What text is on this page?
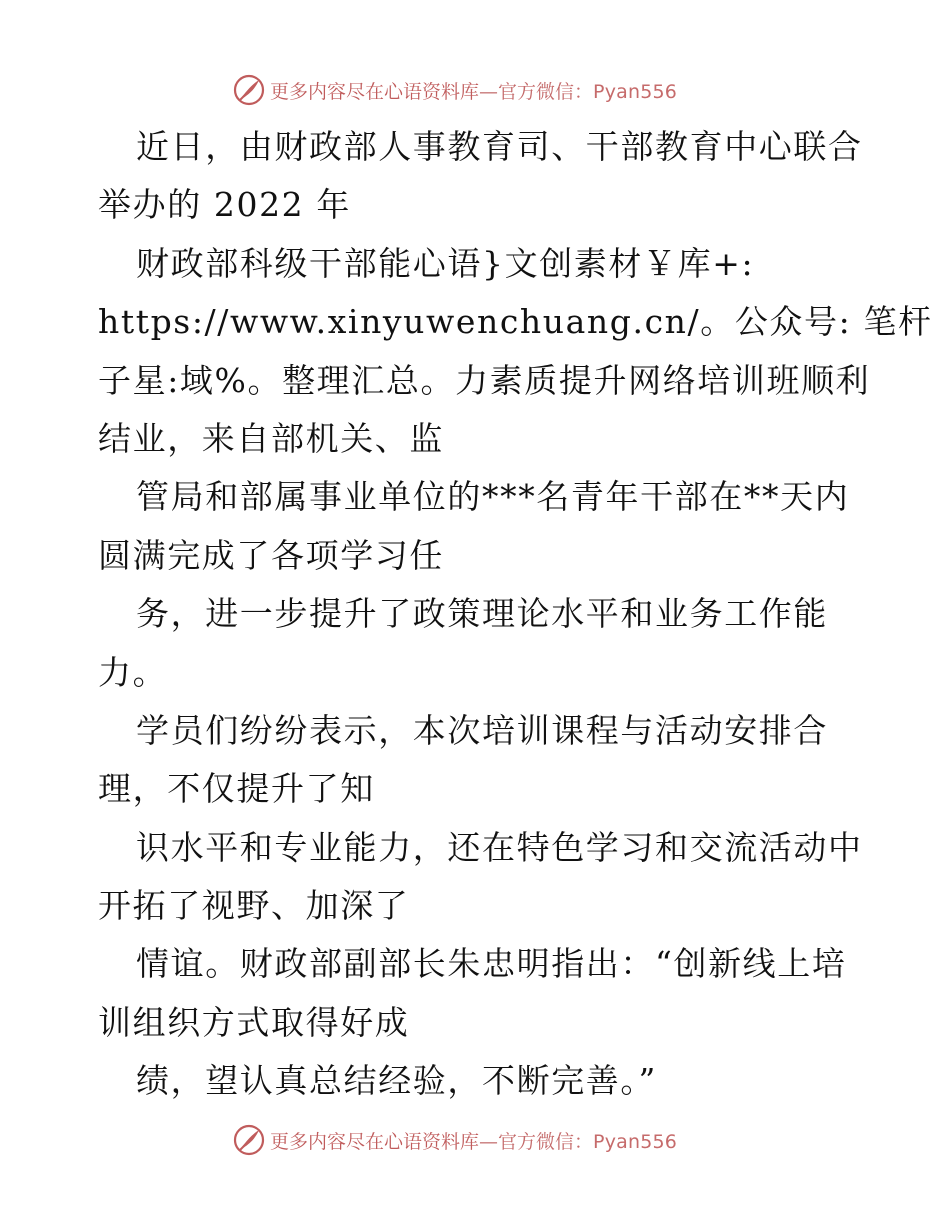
更多内容尽在心语资料库—官方微信：Pyan556
近日，由财政部人事教育司、干部教育中心联合
举办的 2022 年
财政部科级干部能心语}文创素材￥库+:
https://www.xinyuwenchuang.cn/。公众号: 笔杆
子星:域%。整理汇总。力素质提升网络培训班顺利
结业，来自部机关、监
管局和部属事业单位的***名青年干部在**天内
圆满完成了各项学习任
务，进一步提升了政策理论水平和业务工作能
力。
学员们纷纷表示，本次培训课程与活动安排合
理，不仅提升了知
识水平和专业能力，还在特色学习和交流活动中
开拓了视野、加深了
情谊。财政部副部长朱忠明指出：“创新线上培
训组织方式取得好成
绩，望认真总结经验，不断完善。”
更多内容尽在心语资料库—官方微信：Pyan556
